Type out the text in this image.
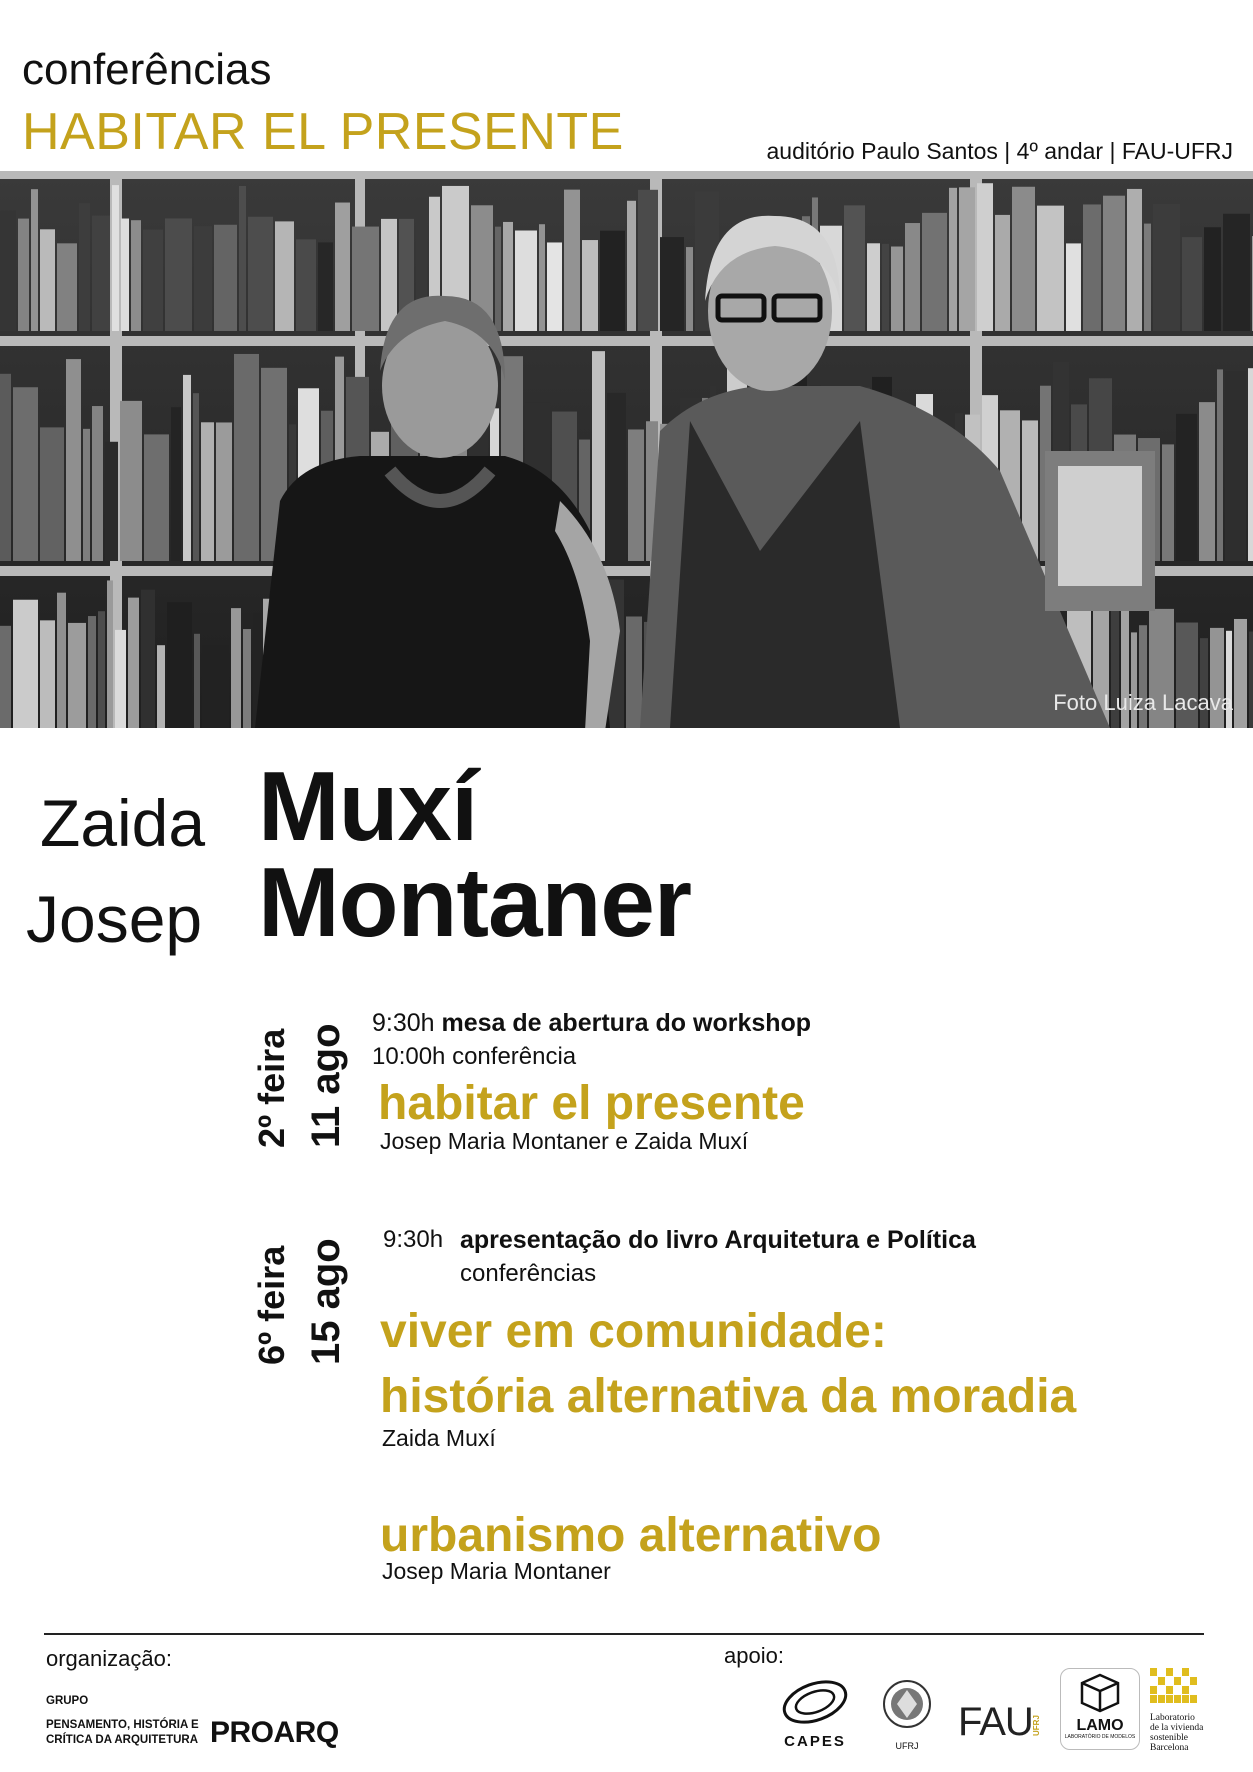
conferências
HABITAR EL PRESENTE	auditório Paulo Santos | 4º andar | FAU-UFRJ
Foto Luiza Lacava
Zaida Muxí
Josep Montaner
2º feira 11 ago
9:30h mesa de abertura do workshop
10:00h conferência
habitar el presente
Josep Maria Montaner e Zaida Muxí
6º feira 15 ago 9:30h apresentação do livro Arquitetura e Política
conferências
viver em comunidade:
história alternativa da moradia
Zaida Muxí
urbanismo alternativo
Josep Maria Montaner
organização:
GRUPO
PENSAMENTO, HISTÓRIA E
CRÍTICA DA ARQUITETURA PROARQ
apoio:
CAPES	UFRJ
FAU UFRJ	LAMO
LABORATÓRIO DE MODELOS
Laboratorio
de la vivienda
sostenible
Barcelona
